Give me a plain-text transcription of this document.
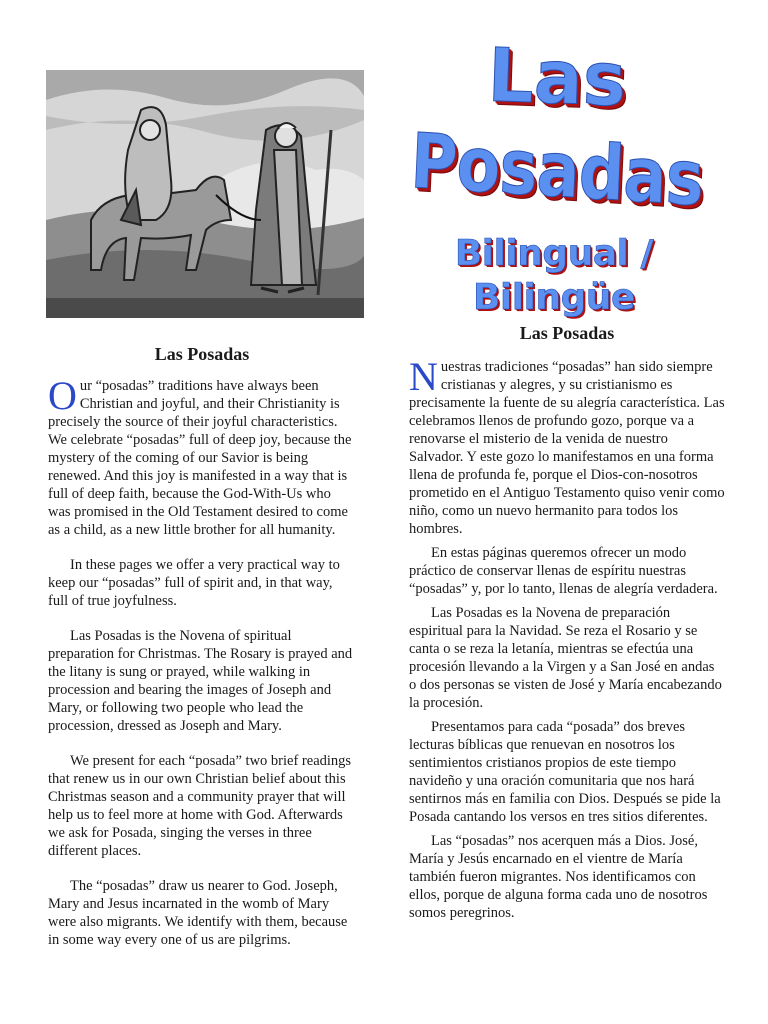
Las
Posadas
Bilingual / Bilingüe
Las Posadas

Our “posadas” traditions have always been Christian and joyful, and their Christianity is precisely the source of their joyful characteristics. We celebrate “posadas” full of deep joy, because the mystery of the coming of our Savior is being renewed. And this joy is manifested in a way that is full of deep faith, because the God-With-Us who was promised in the Old Testament desired to come as a child, as a new little brother for all humanity.

In these pages we offer a very practical way to keep our “posadas” full of spirit and, in that way, full of true joyfulness.

Las Posadas is the Novena of spiritual preparation for Christmas. The Rosary is prayed and the litany is sung or prayed, while walking in procession and bearing the images of Joseph and Mary, or following two people who lead the procession, dressed as Joseph and Mary.

We present for each “posada” two brief readings that renew us in our own Christian belief about this Christmas season and a community prayer that will help us to feel more at home with God. Afterwards we ask for Posada, singing the verses in three different places.

The “posadas” draw us nearer to God. Joseph, Mary and Jesus incarnated in the womb of Mary were also migrants. We identify with them, because in some way every one of us are pilgrims.

Las Posadas

Nuestras tradiciones “posadas” han sido siempre cristianas y alegres, y su cristianismo es precisamente la fuente de su alegría característica. Las celebramos llenos de profundo gozo, porque va a renovarse el misterio de la venida de nuestro Salvador. Y este gozo lo manifestamos en una forma llena de profunda fe, porque el Dios-con-nosotros prometido en el Antiguo Testamento quiso venir como niño, como un nuevo hermanito para todos los hombres.

En estas páginas queremos ofrecer un modo práctico de conservar llenas de espíritu nuestras “posadas” y, por lo tanto, llenas de alegría verdadera.

Las Posadas es la Novena de preparación espiritual para la Navidad. Se reza el Rosario y se canta o se reza la letanía, mientras se efectúa una procesión llevando a la Virgen y a San José en andas o dos personas se visten de José y María encabezando la procesión.

Presentamos para cada “posada” dos breves lecturas bíblicas que renuevan en nosotros los sentimientos cristianos propios de este tiempo navideño y una oración comunitaria que nos hará sentirnos más en familia con Dios. Después se pide la Posada cantando los versos en tres sitios diferentes.

Las “posadas” nos acerquen más a Dios. José, María y Jesús encarnado en el vientre de María también fueron migrantes. Nos identificamos con ellos, porque de alguna forma cada uno de nosotros somos peregrinos.
